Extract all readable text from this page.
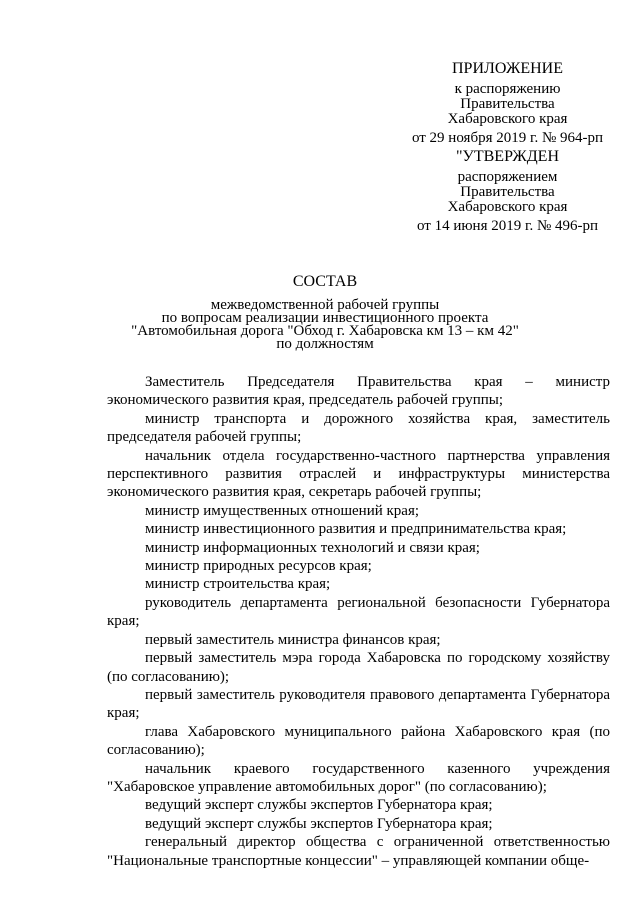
ПРИЛОЖЕНИЕ
к распоряжению
Правительства
Хабаровского края
от 29 ноября 2019 г. № 964-рп
"УТВЕРЖДЕН
распоряжением
Правительства
Хабаровского края
от 14 июня 2019 г. № 496-рп
СОСТАВ
межведомственной рабочей группы
по вопросам реализации инвестиционного проекта
"Автомобильная дорога "Обход г. Хабаровска км 13 – км 42"
по должностям

Заместитель Председателя Правительства края – министр экономического развития края, председатель рабочей группы;

министр транспорта и дорожного хозяйства края, заместитель председателя рабочей группы;

начальник отдела государственно-частного партнерства управления перспективного развития отраслей и инфраструктуры министерства экономического развития края, секретарь рабочей группы;

министр имущественных отношений края;

министр инвестиционного развития и предпринимательства края;

министр информационных технологий и связи края;

министр природных ресурсов края;

министр строительства края;

руководитель департамента региональной безопасности Губернатора края;

первый заместитель министра финансов края;

первый заместитель мэра города Хабаровска по городскому хозяйству (по согласованию);

первый заместитель руководителя правового департамента Губернатора края;

глава Хабаровского муниципального района Хабаровского края (по согласованию);

начальник краевого государственного казенного учреждения "Хабаровское управление автомобильных дорог" (по согласованию);

ведущий эксперт службы экспертов Губернатора края;

ведущий эксперт службы экспертов Губернатора края;

генеральный директор общества с ограниченной ответственностью "Национальные транспортные концессии" – управляющей компании обще-
